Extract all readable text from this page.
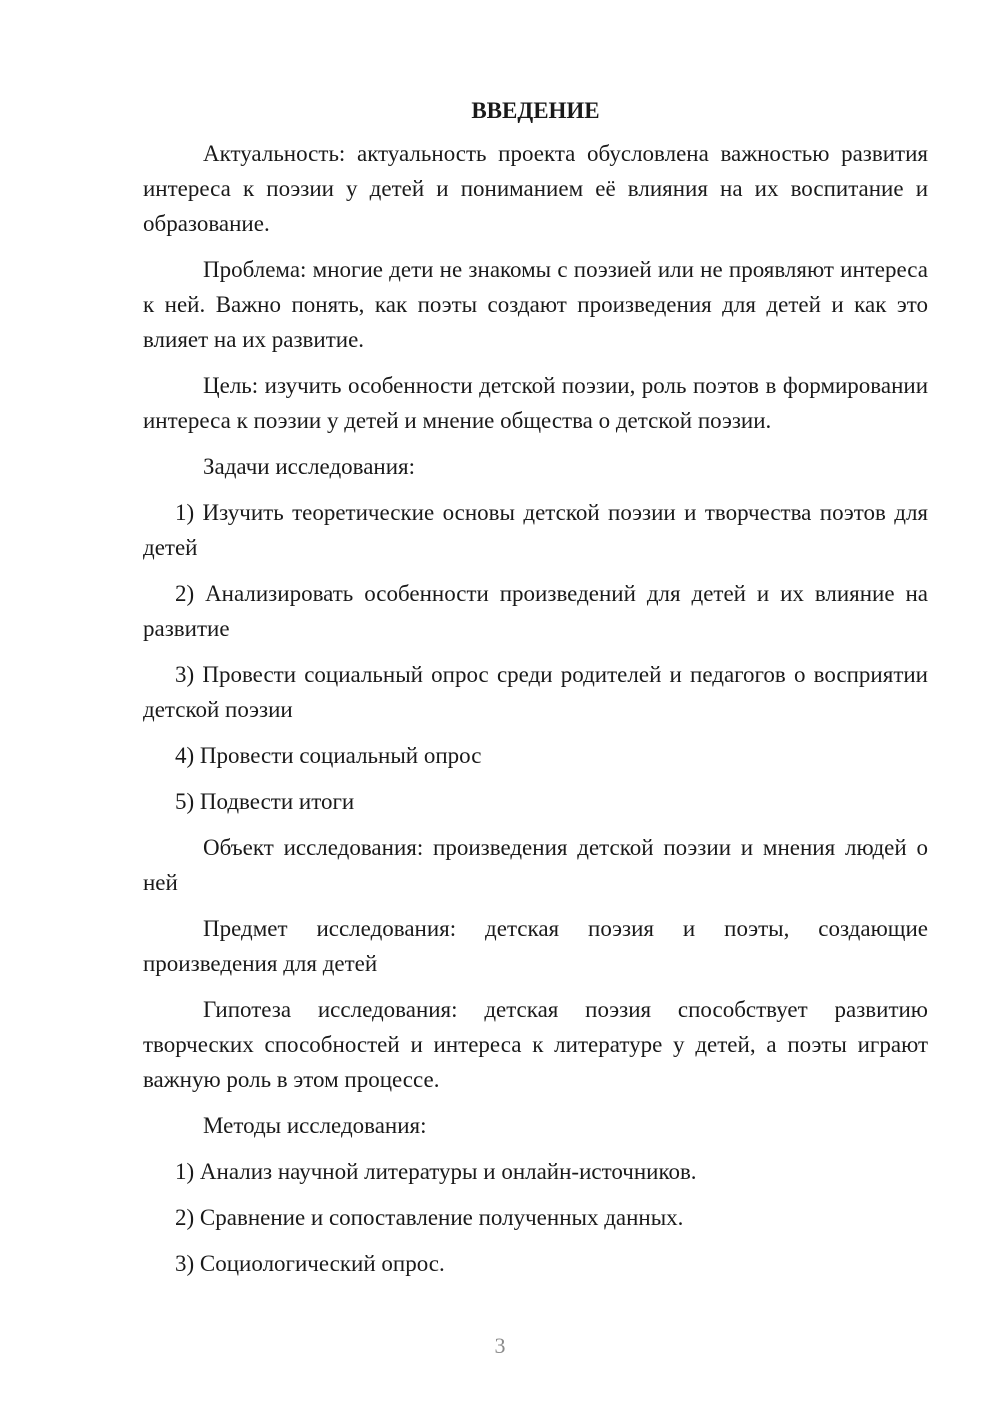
ВВЕДЕНИЕ

Актуальность: актуальность проекта обусловлена важностью развития интереса к поэзии у детей и пониманием её влияния на их воспитание и образование.

Проблема: многие дети не знакомы с поэзией или не проявляют интереса к ней. Важно понять, как поэты создают произведения для детей и как это влияет на их развитие.

Цель: изучить особенности детской поэзии, роль поэтов в формировании интереса к поэзии у детей и мнение общества о детской поэзии.

Задачи исследования:

1) Изучить теоретические основы детской поэзии и творчества поэтов для детей

2) Анализировать особенности произведений для детей и их влияние на развитие

3) Провести социальный опрос среди родителей и педагогов о восприятии детской поэзии

4) Провести социальный опрос

5) Подвести итоги

Объект исследования: произведения детской поэзии и мнения людей о ней

Предмет исследования: детская поэзия и поэты, создающие произведения для детей

Гипотеза исследования: детская поэзия способствует развитию творческих способностей и интереса к литературе у детей, а поэты играют важную роль в этом процессе.

Методы исследования:

1) Анализ научной литературы и онлайн-источников.

2) Сравнение и сопоставление полученных данных.

3) Социологический опрос.

3
